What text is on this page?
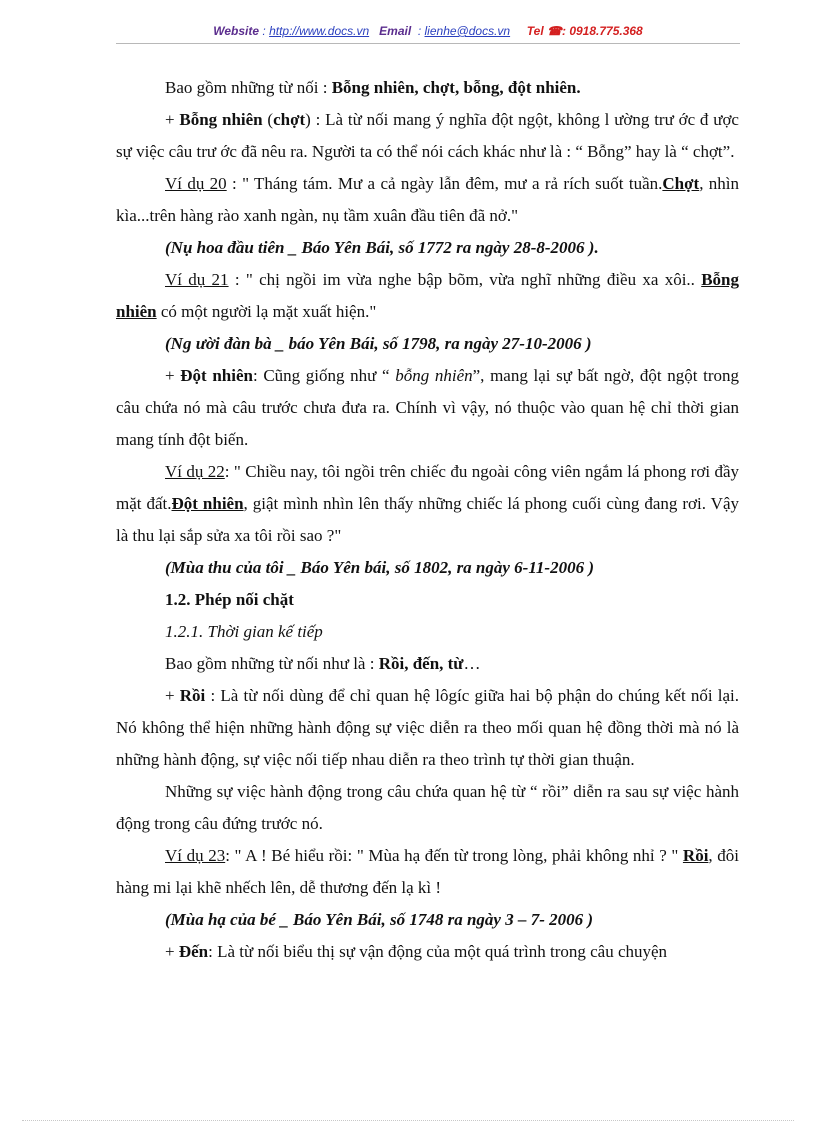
Website : http://www.docs.vn Email  : lienhe@docs.vn Tel ☎: 0918.775.368

Bao gồm những từ nối : Bỗng nhiên, chợt, bỗng, đột nhiên.

+ Bỗng nhiên (chợt) : Là từ nối mang ý nghĩa đột ngột, không l ường trư ớc đ ược sự việc câu trư ớc đã nêu ra. Người ta có thể nói cách khác như là : “ Bỗng” hay là “ chợt”.

Ví dụ 20 : " Tháng tám. Mư a cả ngày lẫn đêm, mư a rả rích suốt tuần.Chợt, nhìn kìa...trên hàng rào xanh ngàn, nụ tầm xuân đầu tiên đã nở."

(Nụ hoa đầu tiên _ Báo Yên Bái, số 1772 ra ngày 28-8-2006 ).

Ví dụ 21 : " chị ngồi im vừa nghe bập bõm, vừa nghĩ những điều xa xôi.. Bỗng nhiên có một người lạ mặt xuất hiện."

(Ng ười đàn bà _ báo Yên Bái, số 1798, ra ngày 27-10-2006 )

+ Đột nhiên: Cũng giống như “ bỗng nhiên”, mang lại sự bất ngờ, đột ngột trong câu chứa nó mà câu trước chưa đưa ra. Chính vì vậy, nó thuộc vào quan hệ chỉ thời gian mang tính đột biến.

Ví dụ 22: " Chiều nay, tôi ngồi trên chiếc đu ngoài công viên ngắm lá phong rơi đầy mặt đất.Đột nhiên, giật mình nhìn lên thấy những chiếc lá phong cuối cùng đang rơi. Vậy là thu lại sắp sửa xa tôi rồi sao ?"

(Mùa thu của tôi _ Báo Yên bái, số 1802, ra ngày 6-11-2006 )

1.2. Phép nối chặt

1.2.1. Thời gian kế tiếp

Bao gồm những từ nối như là : Rồi, đến, từ…

+ Rồi : Là từ nối dùng để chỉ quan hệ lôgíc giữa hai bộ phận do chúng kết nối lại. Nó không thể hiện những hành động sự việc diễn ra theo mối quan hệ đồng thời mà nó là những hành động, sự việc nối tiếp nhau diễn ra theo trình tự thời gian thuận.

Những sự việc hành động trong câu chứa quan hệ từ “ rồi” diễn ra sau sự việc hành động trong câu đứng trước nó.

Ví dụ 23: " A ! Bé hiểu rồi: " Mùa hạ đến từ trong lòng, phải không nhỉ ? " Rồi, đôi hàng mi lại khẽ nhếch lên, dễ thương đến lạ kì !

(Mùa hạ của bé _ Báo Yên Bái, số 1748 ra ngày 3 – 7- 2006 )

+ Đến: Là từ nối biểu thị sự vận động của một quá trình trong câu chuyện
